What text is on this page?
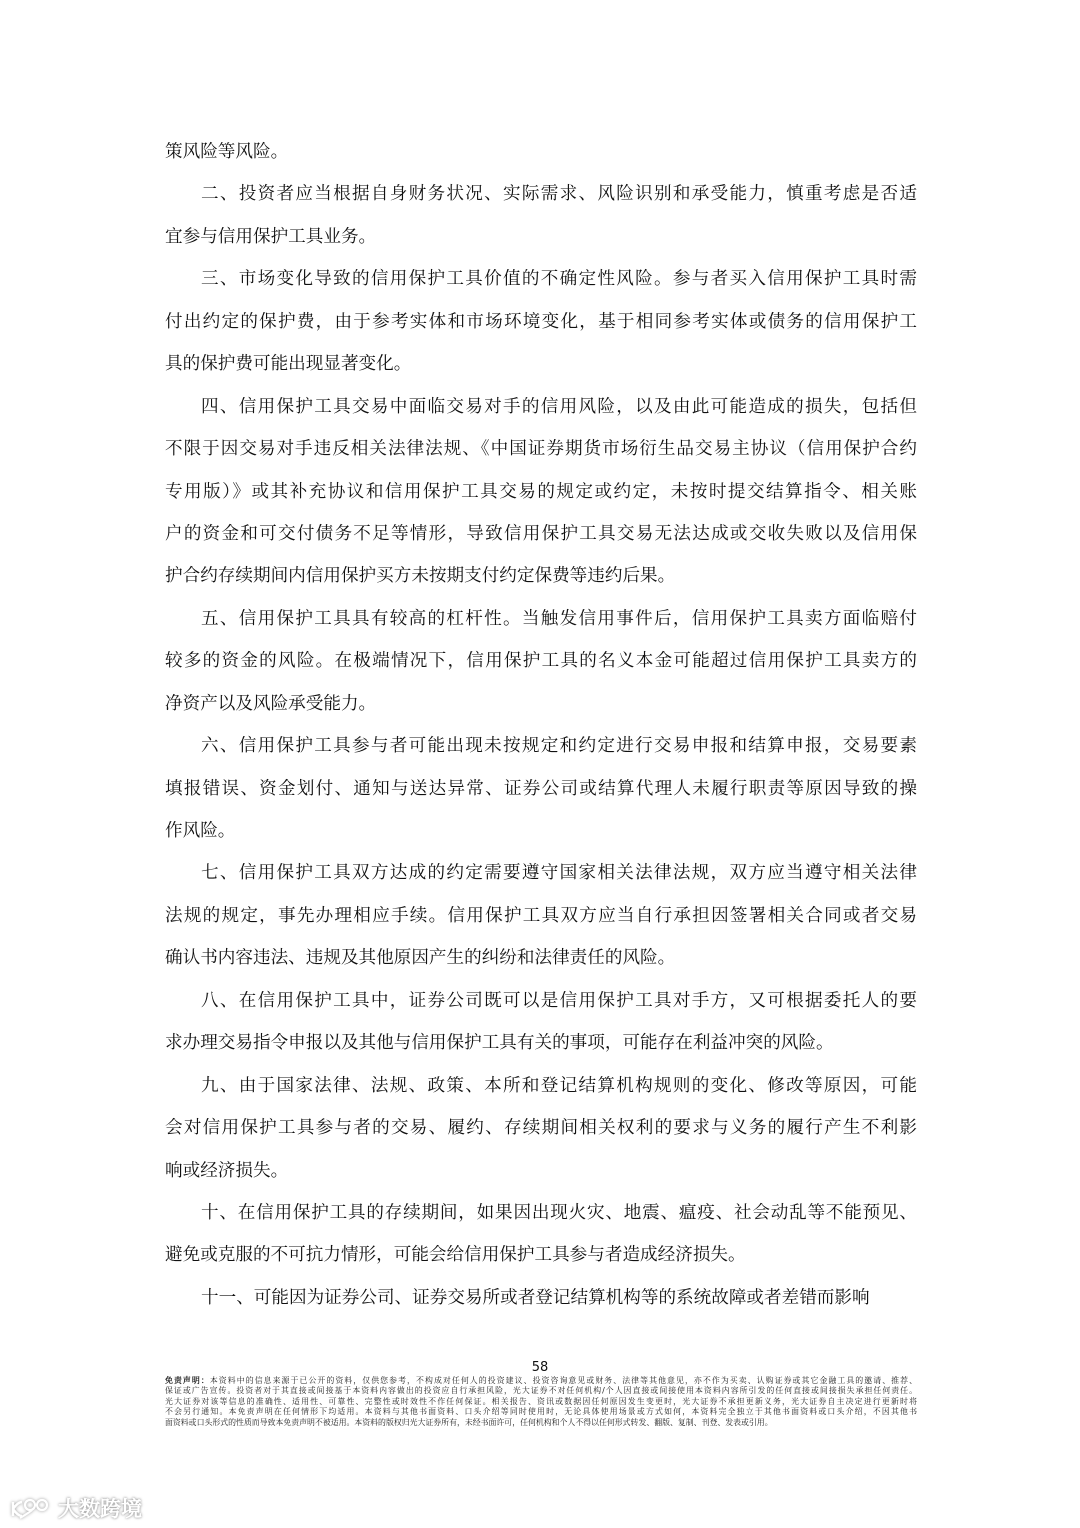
策风险等风险。
二、投资者应当根据自身财务状况、实际需求、风险识别和承受能力，慎重考虑是否适
宜参与信用保护工具业务。
三、市场变化导致的信用保护工具价值的不确定性风险。参与者买入信用保护工具时需
付出约定的保护费，由于参考实体和市场环境变化，基于相同参考实体或债务的信用保护工
具的保护费可能出现显著变化。
四、信用保护工具交易中面临交易对手的信用风险，以及由此可能造成的损失，包括但
不限于因交易对手违反相关法律法规、《中国证券期货市场衍生品交易主协议（信用保护合约
专用版）》或其补充协议和信用保护工具交易的规定或约定，未按时提交结算指令、相关账
户的资金和可交付债务不足等情形，导致信用保护工具交易无法达成或交收失败以及信用保
护合约存续期间内信用保护买方未按期支付约定保费等违约后果。
五、信用保护工具具有较高的杠杆性。当触发信用事件后，信用保护工具卖方面临赔付
较多的资金的风险。在极端情况下，信用保护工具的名义本金可能超过信用保护工具卖方的
净资产以及风险承受能力。
六、信用保护工具参与者可能出现未按规定和约定进行交易申报和结算申报，交易要素
填报错误、资金划付、通知与送达异常、证券公司或结算代理人未履行职责等原因导致的操
作风险。
七、信用保护工具双方达成的约定需要遵守国家相关法律法规，双方应当遵守相关法律
法规的规定，事先办理相应手续。信用保护工具双方应当自行承担因签署相关合同或者交易
确认书内容违法、违规及其他原因产生的纠纷和法律责任的风险。
八、在信用保护工具中，证券公司既可以是信用保护工具对手方，又可根据委托人的要
求办理交易指令申报以及其他与信用保护工具有关的事项，可能存在利益冲突的风险。
九、由于国家法律、法规、政策、本所和登记结算机构规则的变化、修改等原因，可能
会对信用保护工具参与者的交易、履约、存续期间相关权利的要求与义务的履行产生不利影
响或经济损失。
十、在信用保护工具的存续期间，如果因出现火灾、地震、瘟疫、社会动乱等不能预见、
避免或克服的不可抗力情形，可能会给信用保护工具参与者造成经济损失。
十一、可能因为证券公司、证券交易所或者登记结算机构等的系统故障或者差错而影响
58
免责声明：本资料中的信息来源于已公开的资料，仅供您参考，不构成对任何人的投资建议、投资咨询意见或财务、法律等其他意见，亦不作为买卖、认购证券或其它金融工具的邀请、推荐、
保证或广告宣传。投资者对于其直接或间接基于本资料内容做出的投资应自行承担风险，光大证券不对任何机构/个人因直接或间接使用本资料内容所引发的任何直接或间接损失承担任何责任。
光大证券对该等信息的准确性、适用性、可靠性、完整性或时效性不作任何保证。相关报告、资讯或数据因任何原因发生变更时，光大证券不承担更新义务，光大证券自主决定进行更新时将
不会另行通知。本免责声明在任何情形下均适用。本资料与其他书面资料、口头介绍等同时使用时，无论具体使用场景或方式如何，本资料完全独立于其他书面资料或口头介绍，不因其他书
面资料或口头形式的性质而导致本免责声明不被适用。本资料的版权归光大证券所有，未经书面许可，任何机构和个人不得以任何形式转发、翻版、复制、刊登、发表或引用。
大数跨境
